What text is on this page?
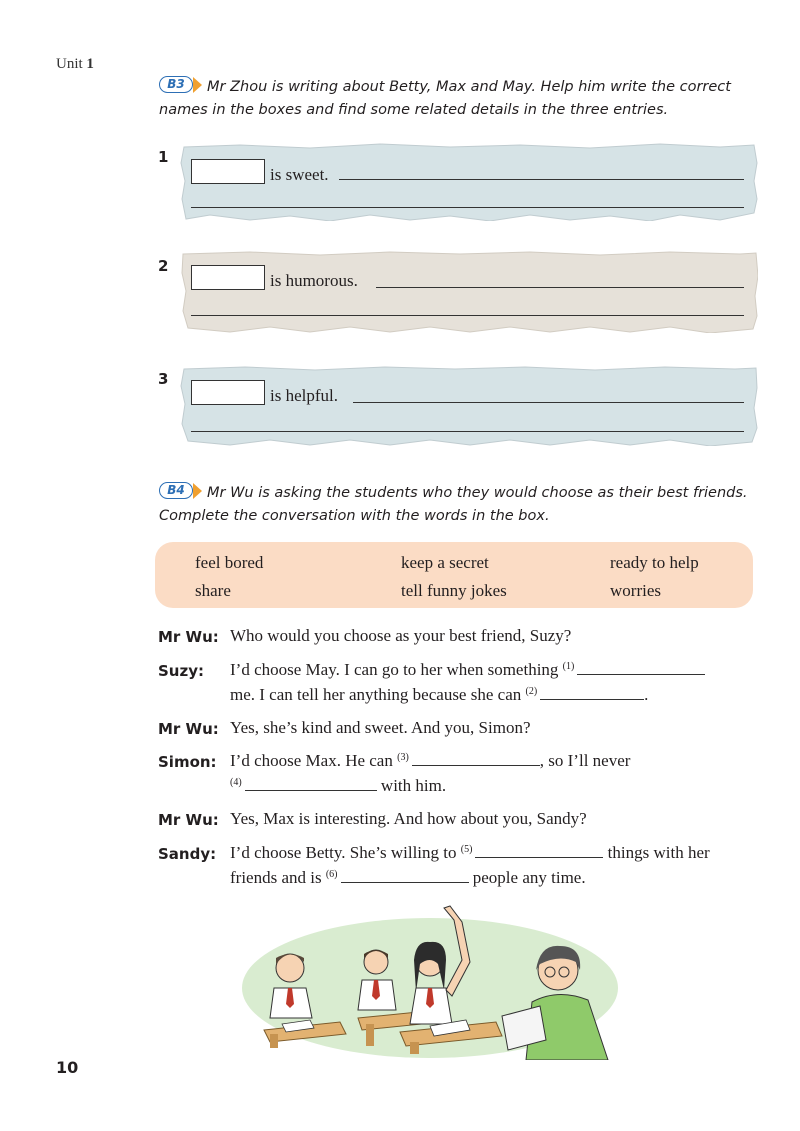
Unit 1
B3	Mr Zhou is writing about Betty, Max and May. Help him write the correct names in the boxes and find some related details in the three entries.
1
is sweet.
2
is humorous.
3
is helpful.
B4	Mr Wu is asking the students who they would choose as their best friends. Complete the conversation with the words in the box.
feel bored	keep a secret	ready to help
share	tell funny jokes	worries
Mr Wu: Who would you choose as your best friend, Suzy?
Suzy: I’d choose May. I can go to her when something $^{(1)}$
me. I can tell her anything because she can $^{(2)}$	.
Mr Wu: Yes, she’s kind and sweet. And you, Simon?
Simon: I’d choose Max. He can $^{(3)}$	, so I’ll never
$^{(4)}$	with him.
Mr Wu: Yes, Max is interesting. And how about you, Sandy?
Sandy: I’d choose Betty. She’s willing to $^{(5)}$	things with her
friends and is $^{(6)}$	people any time.
10
